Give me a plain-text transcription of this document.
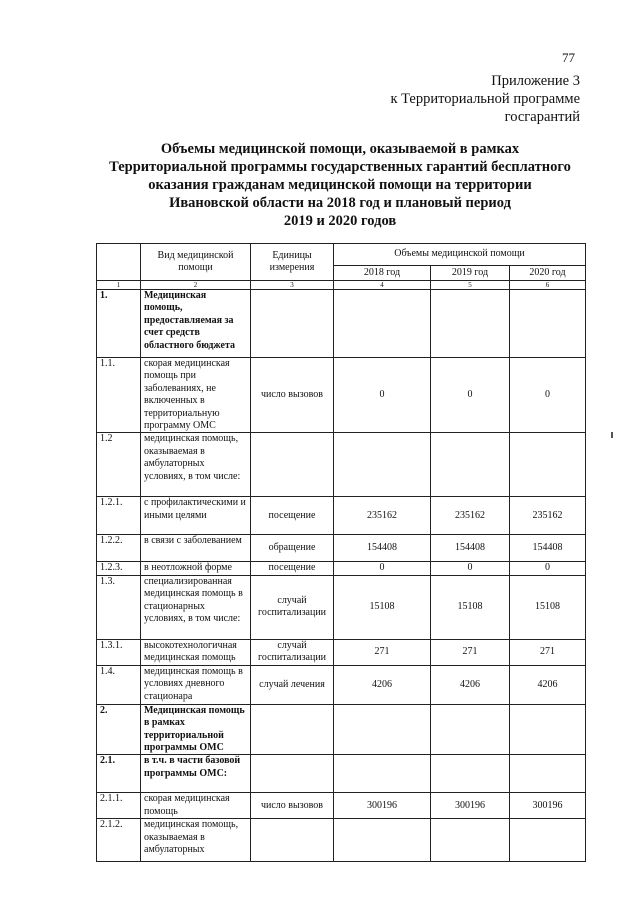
77
Приложение 3
к Территориальной программе
госгарантий
Объемы медицинской помощи, оказываемой в рамках
Территориальной программы государственных гарантий бесплатного
оказания гражданам медицинской помощи на территории
Ивановской области на 2018 год и плановый период
2019 и 2020 годов
	Вид медицинской помощи	Единицы измерения	Объемы медицинской помощи		
			2018 год	2019 год	2020 год
1	2	3	4	5	6
1.	Медицинская помощь, предоставляемая за счет средств областного бюджета				
1.1.	скорая медицинская помощь при заболеваниях, не включенных в территориальную программу ОМС	число вызовов	0	0	0
1.2	медицинская помощь, оказываемая в амбулаторных условиях, в том числе:				
1.2.1.	с профилактическими и иными целями	посещение	235162	235162	235162
1.2.2.	в связи с заболеванием	обращение	154408	154408	154408
1.2.3.	в неотложной форме	посещение	0	0	0
1.3.	специализированная медицинская помощь в стационарных условиях, в том числе:	случай госпитализации	15108	15108	15108
1.3.1.	высокотехнологичная медицинская помощь	случай госпитализации	271	271	271
1.4.	медицинская помощь в условиях дневного стационара	случай лечения	4206	4206	4206
2.	Медицинская помощь в рамках территориальной программы ОМС				
2.1.	в т.ч. в части базовой программы ОМС:				
2.1.1.	скорая медицинская помощь	число вызовов	300196	300196	300196
2.1.2.	медицинская помощь, оказываемая в амбулаторных				
